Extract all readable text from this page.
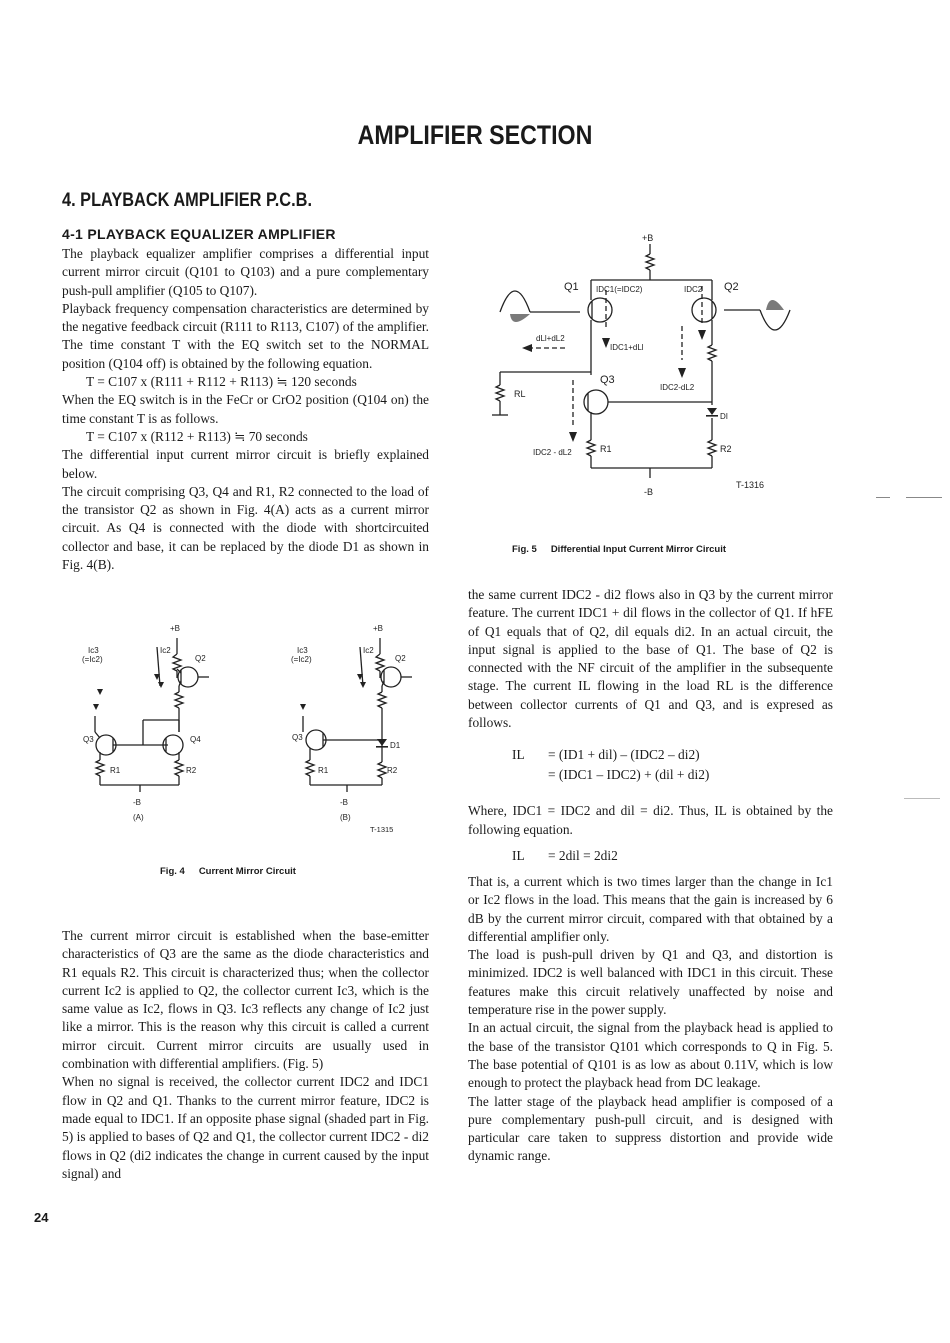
AMPLIFIER SECTION
4. PLAYBACK AMPLIFIER P.C.B.
4-1 PLAYBACK EQUALIZER AMPLIFIER

The playback equalizer amplifier comprises a differential input current mirror circuit (Q101 to Q103) and a pure complementary push-pull amplifier (Q105 to Q107).

Playback frequency compensation characteristics are determined by the negative feedback circuit (R111 to R113, C107) of the amplifier. The time constant T with the EQ switch set to the NORMAL position (Q104 off) is obtained by the following equation.

T = C107 x (R111 + R112 + R113) ≒ 120 seconds

When the EQ switch is in the FeCr or CrO2 position (Q104 on) the time constant T is as follows.

T = C107 x (R112 + R113) ≒ 70 seconds

The differential input current mirror circuit is briefly explained below.

The circuit comprising Q3, Q4 and R1, R2 connected to the load of the transistor Q2 as shown in Fig. 4(A) acts as a current mirror circuit. As Q4 is connected with the diode with shortcircuited collector and base, it can be replaced by the diode D1 as shown in Fig. 4(B).

+B
Ic3
(=Ic2)
Ic2
Q2
Q3	Q4
R1	R2
-B
(A)
+B
Ic3
(=Ic2)
Ic2
Q2
Q3
D1
R1	R2
-B
(B)
T-1315
Fig. 4 Current Mirror Circuit

The current mirror circuit is established when the base-emitter characteristics of Q3 are the same as the diode characteristics and R1 equals R2. This circuit is characterized thus; when the collector current Ic2 is applied to Q2, the collector current Ic3, which is the same value as Ic2, flows in Q3. Ic3 reflects any change of Ic2 just like a mirror. This is the reason why this circuit is called a current mirror circuit. Current mirror circuits are usually used in combination with differential amplifiers. (Fig. 5)

When no signal is received, the collector current IDC2 and IDC1 flow in Q2 and Q1. Thanks to the current mirror feature, IDC2 is made equal to IDC1. If an opposite phase signal (shaded part in Fig. 5) is applied to bases of Q2 and Q1, the collector current IDC2 - di2 flows in Q2 (di2 indicates the change in current caused by the input signal) and

+B
Q1 IDC1(=IDC2)	IDC2 Q2
dLl+dL2
IDC1+dLl
Q3
IDC2-dL2
RL
DI
IDC2 - dL2	R1	R2
-B
T-1316
Fig. 5 Differential Input Current Mirror Circuit

the same current IDC2 - di2 flows also in Q3 by the current mirror feature. The current IDC1 + dil flows in the collector of Q1. If hFE of Q1 equals that of Q2, dil equals di2. In an actual circuit, the input signal is applied to the base of Q1. The base of Q2 is connected with the NF circuit of the amplifier in the subsequente stage. The current IL flowing in the load RL is the difference between collector currents of Q1 and Q3, and is expresed as follows.

IL = (ID1 + dil) – (IDC2 – di2)
= (IDC1 – IDC2) + (dil + di2)

Where, IDC1 = IDC2 and dil = di2. Thus, IL is obtained by the following equation.

IL = 2dil = 2di2

That is, a current which is two times larger than the change in Ic1 or Ic2 flows in the load. This means that the gain is increased by 6 dB by the current mirror circuit, compared with that obtained by a differential amplifier only.

The load is push-pull driven by Q1 and Q3, and distortion is minimized. IDC2 is well balanced with IDC1 in this circuit. These features make this circuit relatively unaffected by noise and temperature rise in the power supply.

In an actual circuit, the signal from the playback head is applied to the base of the transistor Q101 which corresponds to Q in Fig. 5. The base potential of Q101 is as low as about 0.11V, which is low enough to protect the playback head from DC leakage.

The latter stage of the playback head amplifier is composed of a pure complementary push-pull circuit, and is designed with particular care taken to suppress distortion and provide wide dynamic range.

24
